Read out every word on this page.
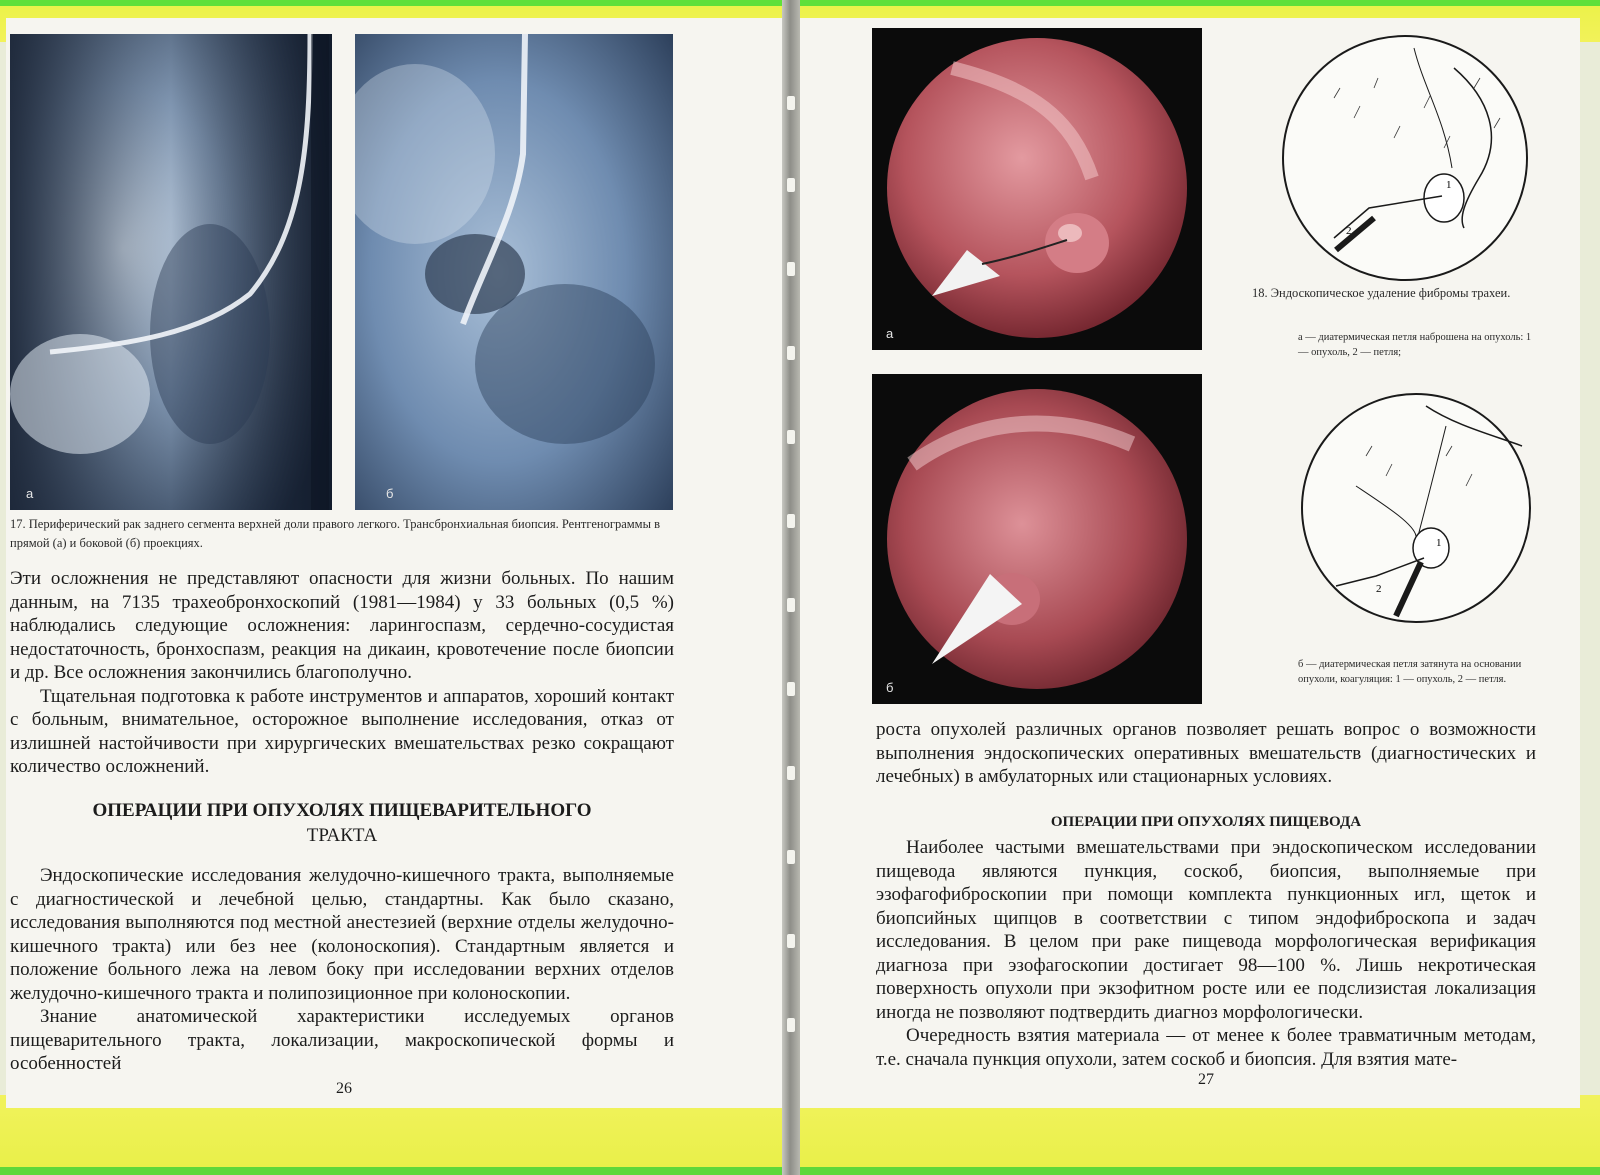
а	б
17. Периферический рак заднего сегмента верхней доли правого легкого. Трансбронхиальная биопсия. Рентгенограммы в прямой (а) и боковой (б) проекциях.

Эти осложнения не представляют опасности для жизни больных. По нашим данным, на 7135 трахеобронхоскопий (1981—1984) у 33 больных (0,5 %) наблюдались следующие осложнения: ларингоспазм, сердечно-сосудистая недостаточность, бронхоспазм, реакция на дикаин, кровотечение после биопсии и др. Все осложнения закончились благополучно.

Тщательная подготовка к работе инструментов и аппаратов, хороший контакт с больным, внимательное, осторожное выполнение исследования, отказ от излишней настойчивости при хирургических вмешательствах резко сокращают количество осложнений.

ОПЕРАЦИИ ПРИ ОПУХОЛЯХ ПИЩЕВАРИТЕЛЬНОГО
ТРАКТА

Эндоскопические исследования желудочно-кишечного тракта, выполняемые с диагностической и лечебной целью, стандартны. Как было сказано, исследования выполняются под местной анестезией (верхние отделы желудочно-кишечного тракта) или без нее (колоноскопия). Стандартным является и положение больного лежа на левом боку при исследовании верхних отделов желудочно-кишечного тракта и полипозиционное при колоноскопии.

Знание анатомической характеристики исследуемых органов пищеварительного тракта, локализации, макроскопической формы и особенностей

26
а
б
1
2
18. Эндоскопическое удаление фибромы трахеи.
а — диатермическая петля наброшена на опухоль: 1 — опухоль, 2 — петля;
1
2
б — диатермическая петля затянута на основании опухоли, коагуляция: 1 — опухоль, 2 — петля.

роста опухолей различных органов позволяет решать вопрос о возможности выполнения эндоскопических оперативных вмешательств (диагностических и лечебных) в амбулаторных или стационарных условиях.

ОПЕРАЦИИ ПРИ ОПУХОЛЯХ ПИЩЕВОДА

Наиболее частыми вмешательствами при эндоскопическом исследовании пищевода являются пункция, соскоб, биопсия, выполняемые при эзофагофиброскопии при помощи комплекта пункционных игл, щеток и биопсийных щипцов в соответствии с типом эндофиброскопа и задач исследования. В целом при раке пищевода морфологическая верификация диагноза при эзофагоскопии достигает 98—100 %. Лишь некротическая поверхность опухоли при экзофитном росте или ее подслизистая локализация иногда не позволяют подтвердить диагноз морфологически.

Очередность взятия материала — от менее к более травматичным методам, т.е. сначала пункция опухоли, затем соскоб и биопсия. Для взятия мате-

27
